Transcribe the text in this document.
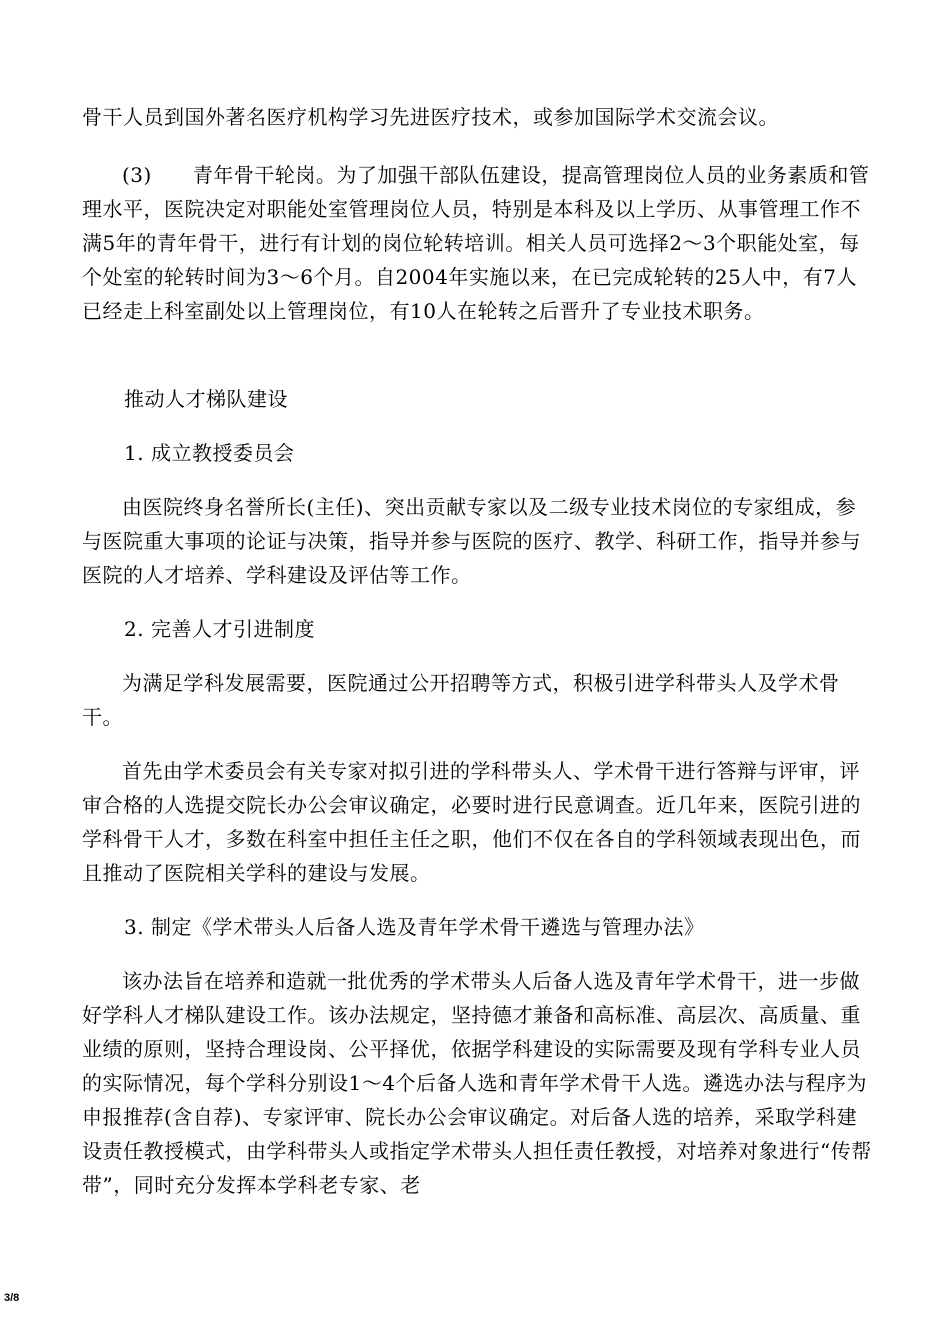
骨干人员到国外著名医疗机构学习先进医疗技术，或参加国际学术交流会议。

(3)　　青年骨干轮岗。为了加强干部队伍建设，提高管理岗位人员的业务素质和管理水平，医院决定对职能处室管理岗位人员，特别是本科及以上学历、从事管理工作不满5年的青年骨干，进行有计划的岗位轮转培训。相关人员可选择2～3个职能处室，每个处室的轮转时间为3～6个月。自2004年实施以来，在已完成轮转的25人中，有7人已经走上科室副处以上管理岗位，有10人在轮转之后晋升了专业技术职务。

推动人才梯队建设

1. 成立教授委员会

由医院终身名誉所长(主任)、突出贡献专家以及二级专业技术岗位的专家组成，参与医院重大事项的论证与决策，指导并参与医院的医疗、教学、科研工作，指导并参与医院的人才培养、学科建设及评估等工作。

2. 完善人才引进制度

为满足学科发展需要，医院通过公开招聘等方式，积极引进学科带头人及学术骨干。

首先由学术委员会有关专家对拟引进的学科带头人、学术骨干进行答辩与评审，评审合格的人选提交院长办公会审议确定，必要时进行民意调查。近几年来，医院引进的学科骨干人才，多数在科室中担任主任之职，他们不仅在各自的学科领域表现出色，而且推动了医院相关学科的建设与发展。

3. 制定《学术带头人后备人选及青年学术骨干遴选与管理办法》

该办法旨在培养和造就一批优秀的学术带头人后备人选及青年学术骨干，进一步做好学科人才梯队建设工作。该办法规定，坚持德才兼备和高标准、高层次、高质量、重业绩的原则，坚持合理设岗、公平择优，依据学科建设的实际需要及现有学科专业人员的实际情况，每个学科分别设1～4个后备人选和青年学术骨干人选。遴选办法与程序为申报推荐(含自荐)、专家评审、院长办公会审议确定。对后备人选的培养，采取学科建设责任教授模式，由学科带头人或指定学术带头人担任责任教授，对培养对象进行“传帮带”，同时充分发挥本学科老专家、老

3/8
